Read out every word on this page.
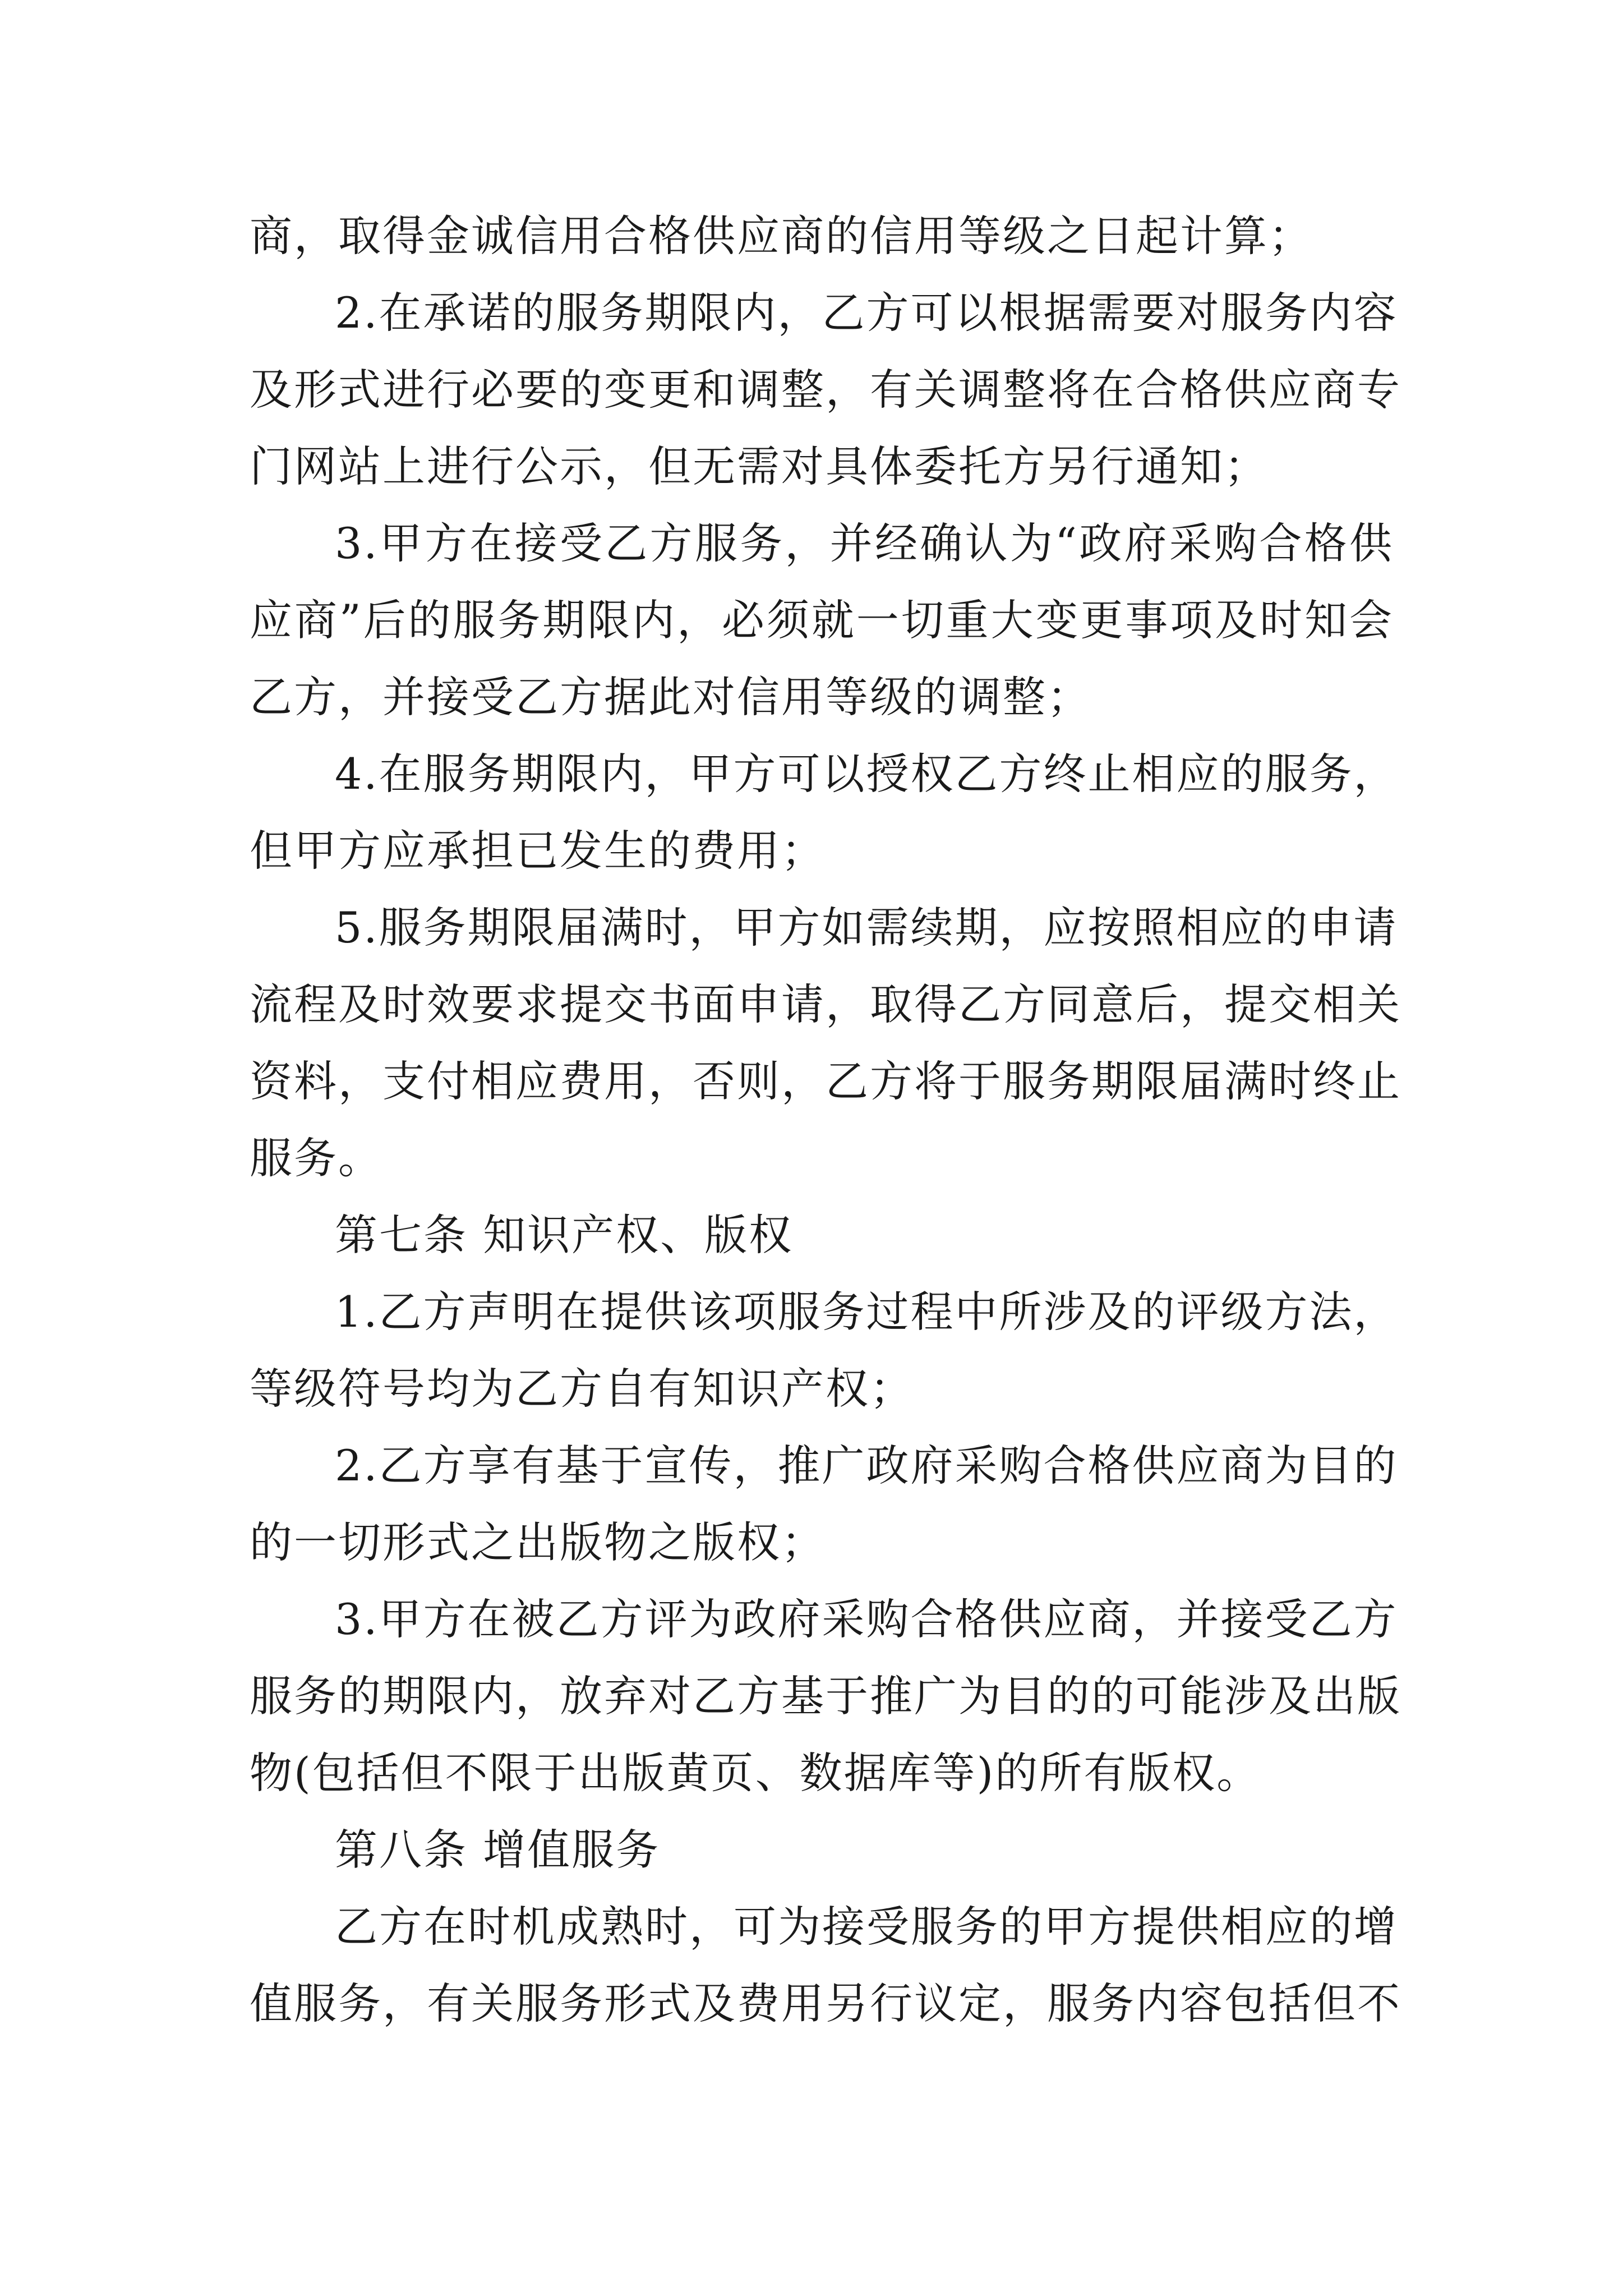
商，取得金诚信用合格供应商的信用等级之日起计算；
2.在承诺的服务期限内，乙方可以根据需要对服务内容
及形式进行必要的变更和调整，有关调整将在合格供应商专
门网站上进行公示，但无需对具体委托方另行通知；
3.甲方在接受乙方服务，并经确认为“政府采购合格供
应商”后的服务期限内，必须就一切重大变更事项及时知会
乙方，并接受乙方据此对信用等级的调整；
4.在服务期限内，甲方可以授权乙方终止相应的服务，
但甲方应承担已发生的费用；
5.服务期限届满时，甲方如需续期，应按照相应的申请
流程及时效要求提交书面申请，取得乙方同意后，提交相关
资料，支付相应费用，否则，乙方将于服务期限届满时终止
服务。
第七条 知识产权、版权
1.乙方声明在提供该项服务过程中所涉及的评级方法，
等级符号均为乙方自有知识产权；
2.乙方享有基于宣传，推广政府采购合格供应商为目的
的一切形式之出版物之版权；
3.甲方在被乙方评为政府采购合格供应商，并接受乙方
服务的期限内，放弃对乙方基于推广为目的的可能涉及出版
物(包括但不限于出版黄页、数据库等)的所有版权。
第八条 增值服务
乙方在时机成熟时，可为接受服务的甲方提供相应的增
值服务，有关服务形式及费用另行议定，服务内容包括但不
